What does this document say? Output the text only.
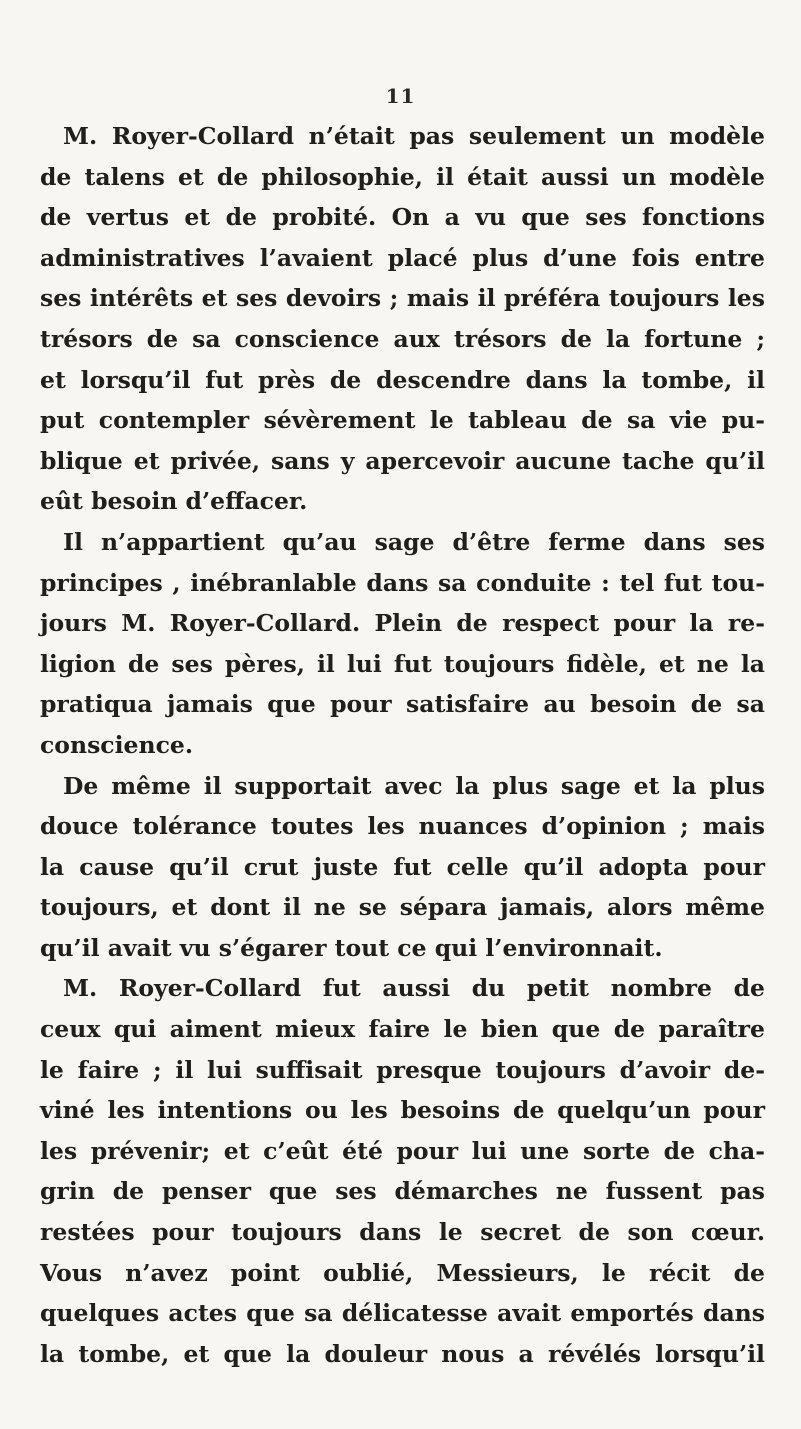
11
M. Royer-Collard n’était pas seulement un modèle
de talens et de philosophie, il était aussi un modèle
de vertus et de probité. On a vu que ses fonctions
administratives l’avaient placé plus d’une fois entre
ses intérêts et ses devoirs ; mais il préféra toujours les
trésors de sa conscience aux trésors de la fortune ;
et lorsqu’il fut près de descendre dans la tombe, il
put contempler sévèrement le tableau de sa vie pu-
blique et privée, sans y apercevoir aucune tache qu’il
eût besoin d’effacer.
Il n’appartient qu’au sage d’être ferme dans ses
principes , inébranlable dans sa conduite : tel fut tou-
jours M. Royer-Collard. Plein de respect pour la re-
ligion de ses pères, il lui fut toujours fidèle, et ne la
pratiqua jamais que pour satisfaire au besoin de sa
conscience.
De même il supportait avec la plus sage et la plus
douce tolérance toutes les nuances d’opinion ; mais
la cause qu’il crut juste fut celle qu’il adopta pour
toujours, et dont il ne se sépara jamais, alors même
qu’il avait vu s’égarer tout ce qui l’environnait.
M. Royer-Collard fut aussi du petit nombre de
ceux qui aiment mieux faire le bien que de paraître
le faire ; il lui suffisait presque toujours d’avoir de-
viné les intentions ou les besoins de quelqu’un pour
les prévenir; et c’eût été pour lui une sorte de cha-
grin de penser que ses démarches ne fussent pas
restées pour toujours dans le secret de son cœur.
Vous n’avez point oublié, Messieurs, le récit de
quelques actes que sa délicatesse avait emportés dans
la tombe, et que la douleur nous a révélés lorsqu’il
